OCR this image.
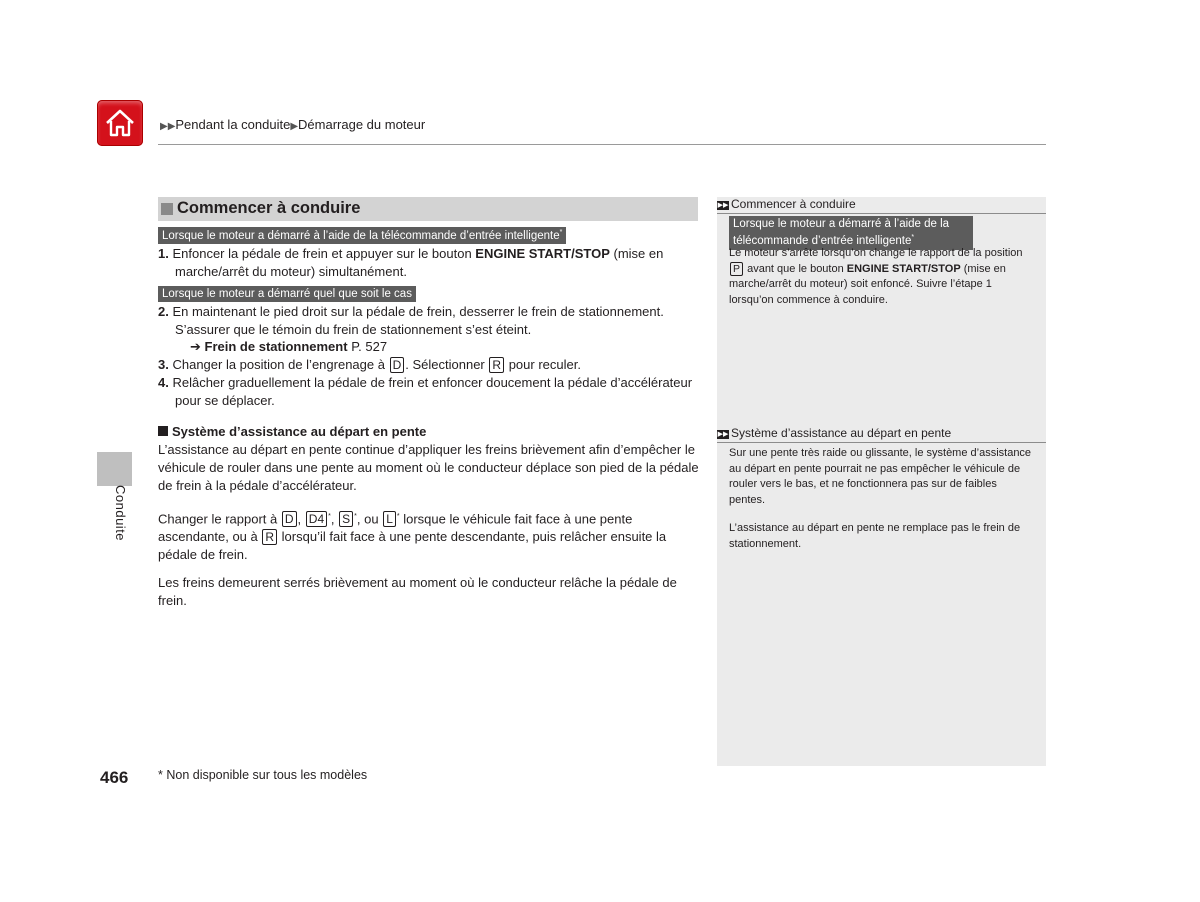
▶▶Pendant la conduite▶Démarrage du moteur
Conduite
Commencer à conduire
Lorsque le moteur a démarré à l’aide de la télécommande d’entrée intelligente*
1. Enfoncer la pédale de frein et appuyer sur le bouton ENGINE START/STOP (mise en
marche/arrêt du moteur) simultanément.
Lorsque le moteur a démarré quel que soit le cas
2. En maintenant le pied droit sur la pédale de frein, desserrer le frein de stationnement.
S’assurer que le témoin du frein de stationnement s’est éteint.
➔ Frein de stationnement P. 527
3. Changer la position de l’engrenage à D . Sélectionner R pour reculer.
4. Relâcher graduellement la pédale de frein et enfoncer doucement la pédale d’accélérateur
pour se déplacer.
Système d’assistance au départ en pente
L’assistance au départ en pente continue d’appliquer les freins brièvement afin d’empêcher le véhicule de rouler dans une pente au moment où le conducteur déplace son pied de la pédale de frein à la pédale d’accélérateur.
Changer le rapport à D , D4 *, S *, ou L * lorsque le véhicule fait face à une pente
ascendante, ou à R lorsqu’il fait face à une pente descendante, puis relâcher ensuite la
pédale de frein.
Les freins demeurent serrés brièvement au moment où le conducteur relâche la pédale de frein.
▶▶ Commencer à conduire
Lorsque le moteur a démarré à l’aide de la télécommande d’entrée intelligente*
Le moteur s’arrête lorsqu’on change le rapport de la position
P avant que le bouton ENGINE START/STOP (mise en marche/arrêt du moteur) soit enfoncé. Suivre l’étape 1 lorsqu’on commence à conduire.
▶▶ Système d’assistance au départ en pente
Sur une pente très raide ou glissante, le système d’assistance au départ en pente pourrait ne pas empêcher le véhicule de rouler vers le bas, et ne fonctionnera pas sur de faibles pentes.
L’assistance au départ en pente ne remplace pas le frein de stationnement.
466 * Non disponible sur tous les modèles
